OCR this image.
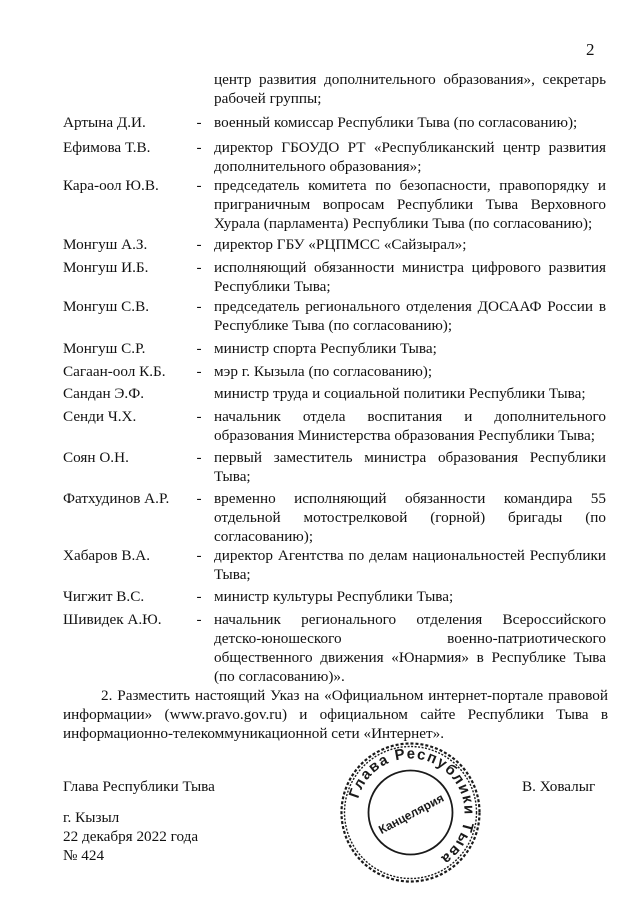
2
центр развития дополнительного образования», секретарь рабочей группы;
Артына Д.И.	- военный комиссар Республики Тыва (по согласованию);
Ефимова Т.В.	- директор ГБОУДО РТ «Республиканский центр развития дополнительного образования»;
Кара-оол Ю.В.	- председатель комитета по безопасности, правопорядку и приграничным вопросам Республики Тыва Верховного Хурала (парламента) Республики Тыва (по согласованию);
Монгуш А.З.	- директор ГБУ «РЦПМСС «Сайзырал»;
Монгуш И.Б.	- исполняющий обязанности министра цифрового развития Республики Тыва;
Монгуш С.В.	- председатель регионального отделения ДОСААФ России в Республике Тыва (по согласованию);
Монгуш С.Р.	- министр спорта Республики Тыва;
Сагаан-оол К.Б.	- мэр г. Кызыла (по согласованию);
Сандан Э.Ф.	министр труда и социальной политики Республики Тыва;
Сенди Ч.Х.	- начальник отдела воспитания и дополнительного образования Министерства образования Республики Тыва;
Соян О.Н.	- первый заместитель министра образования Республики Тыва;
Фатхудинов А.Р.	- временно исполняющий обязанности командира 55 отдельной мотострелковой (горной) бригады (по согласованию);
Хабаров В.А.	- директор Агентства по делам национальностей Республики Тыва;
Чигжит В.С.	- министр культуры Республики Тыва;
Шивидек А.Ю.	- начальник регионального отделения Всероссийского детско-юношеского военно-патриотического общественного движения «Юнармия» в Республике Тыва (по согласованию)».
2. Разместить настоящий Указ на «Официальном интернет-портале правовой информации» (www.pravo.gov.ru) и официальном сайте Республики Тыва в информационно-телекоммуникационной сети «Интернет».
Глава Республики Тыва	В. Ховалыг
г. Кызыл
22 декабря 2022 года
№ 424
Глава Республики Тыва
Канцелярия
